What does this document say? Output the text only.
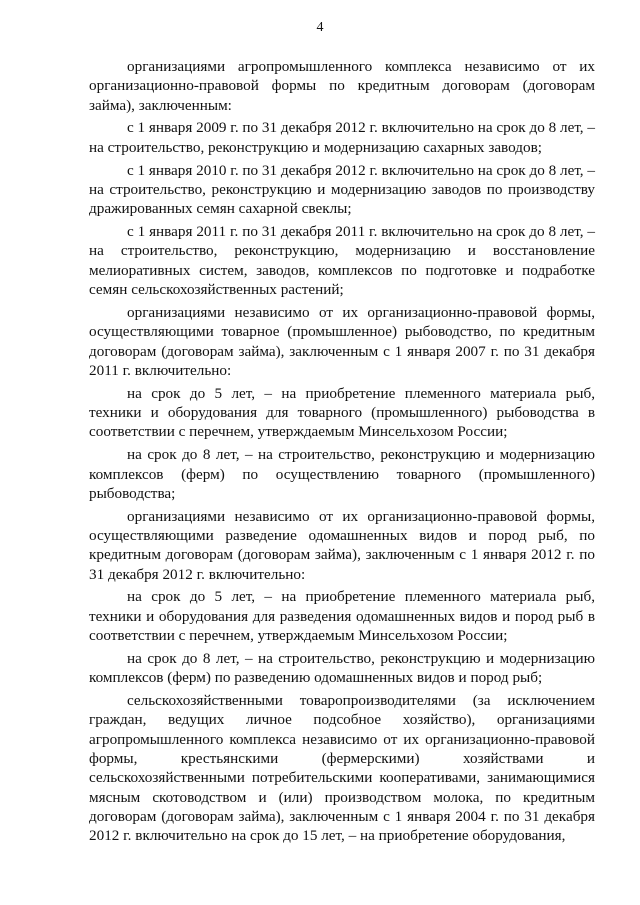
4

организациями агропромышленного комплекса независимо от их организационно-правовой формы по кредитным договорам (договорам займа), заключенным:

с 1 января 2009 г. по 31 декабря 2012 г. включительно на срок до 8 лет, – на строительство, реконструкцию и модернизацию сахарных заводов;

с 1 января 2010 г. по 31 декабря 2012 г. включительно на срок до 8 лет, – на строительство, реконструкцию и модернизацию заводов по производству дражированных семян сахарной свеклы;

с 1 января 2011 г. по 31 декабря 2011 г. включительно на срок до 8 лет, – на строительство, реконструкцию, модернизацию и восстановление мелиоративных систем, заводов, комплексов по подготовке и подработке семян сельскохозяйственных растений;

организациями независимо от их организационно-правовой формы, осуществляющими товарное (промышленное) рыбоводство, по кредитным договорам (договорам займа), заключенным с 1 января 2007 г. по 31 декабря 2011 г. включительно:

на срок до 5 лет, – на приобретение племенного материала рыб, техники и оборудования для товарного (промышленного) рыбоводства в соответствии с перечнем, утверждаемым Минсельхозом России;

на срок до 8 лет, – на строительство, реконструкцию и модернизацию комплексов (ферм) по осуществлению товарного (промышленного) рыбоводства;

организациями независимо от их организационно-правовой формы, осуществляющими разведение одомашненных видов и пород рыб, по кредитным договорам (договорам займа), заключенным с 1 января 2012 г. по 31 декабря 2012 г. включительно:

на срок до 5 лет, – на приобретение племенного материала рыб, техники и оборудования для разведения одомашненных видов и пород рыб в соответствии с перечнем, утверждаемым Минсельхозом России;

на срок до 8 лет, – на строительство, реконструкцию и модернизацию комплексов (ферм) по разведению одомашненных видов и пород рыб;

сельскохозяйственными товаропроизводителями (за исключением граждан, ведущих личное подсобное хозяйство), организациями агропромышленного комплекса независимо от их организационно-правовой формы, крестьянскими (фермерскими) хозяйствами и сельскохозяйственными потребительскими кооперативами, занимающимися мясным скотоводством и (или) производством молока, по кредитным договорам (договорам займа), заключенным с 1 января 2004 г. по 31 декабря 2012 г. включительно на срок до 15 лет, – на приобретение оборудования,
